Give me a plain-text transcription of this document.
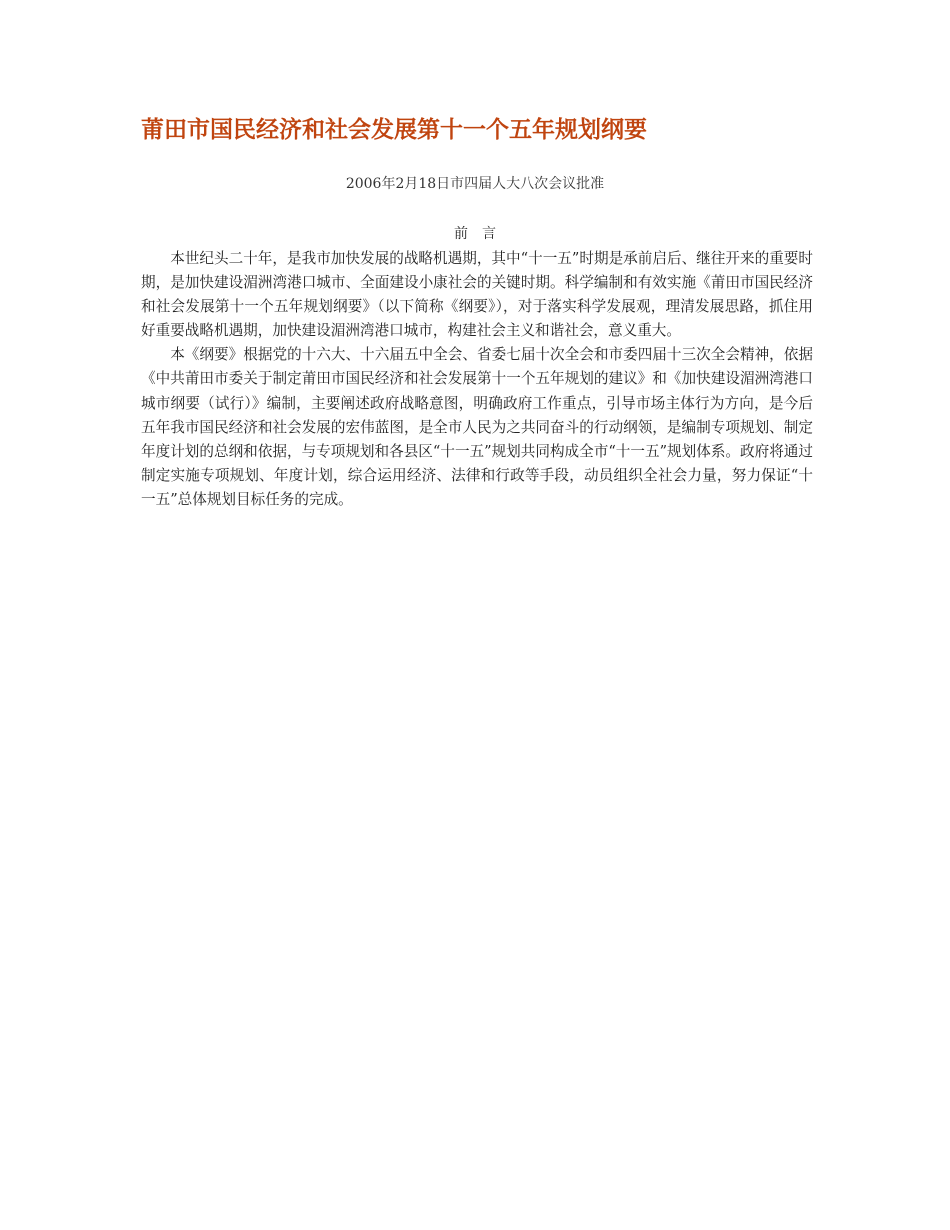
莆田市国民经济和社会发展第十一个五年规划纲要
2006年2月18日市四届人大八次会议批准
前　言

本世纪头二十年，是我市加快发展的战略机遇期，其中“十一五”时期是承前启后、继往开来的重要时期，是加快建设湄洲湾港口城市、全面建设小康社会的关键时期。科学编制和有效实施《莆田市国民经济和社会发展第十一个五年规划纲要》（以下简称《纲要》），对于落实科学发展观，理清发展思路，抓住用好重要战略机遇期，加快建设湄洲湾港口城市，构建社会主义和谐社会，意义重大。

本《纲要》根据党的十六大、十六届五中全会、省委七届十次全会和市委四届十三次全会精神，依据《中共莆田市委关于制定莆田市国民经济和社会发展第十一个五年规划的建议》和《加快建设湄洲湾港口城市纲要（试行）》编制，主要阐述政府战略意图，明确政府工作重点，引导市场主体行为方向，是今后五年我市国民经济和社会发展的宏伟蓝图，是全市人民为之共同奋斗的行动纲领，是编制专项规划、制定年度计划的总纲和依据，与专项规划和各县区“十一五”规划共同构成全市“十一五”规划体系。政府将通过制定实施专项规划、年度计划，综合运用经济、法律和行政等手段，动员组织全社会力量，努力保证“十一五”总体规划目标任务的完成。
